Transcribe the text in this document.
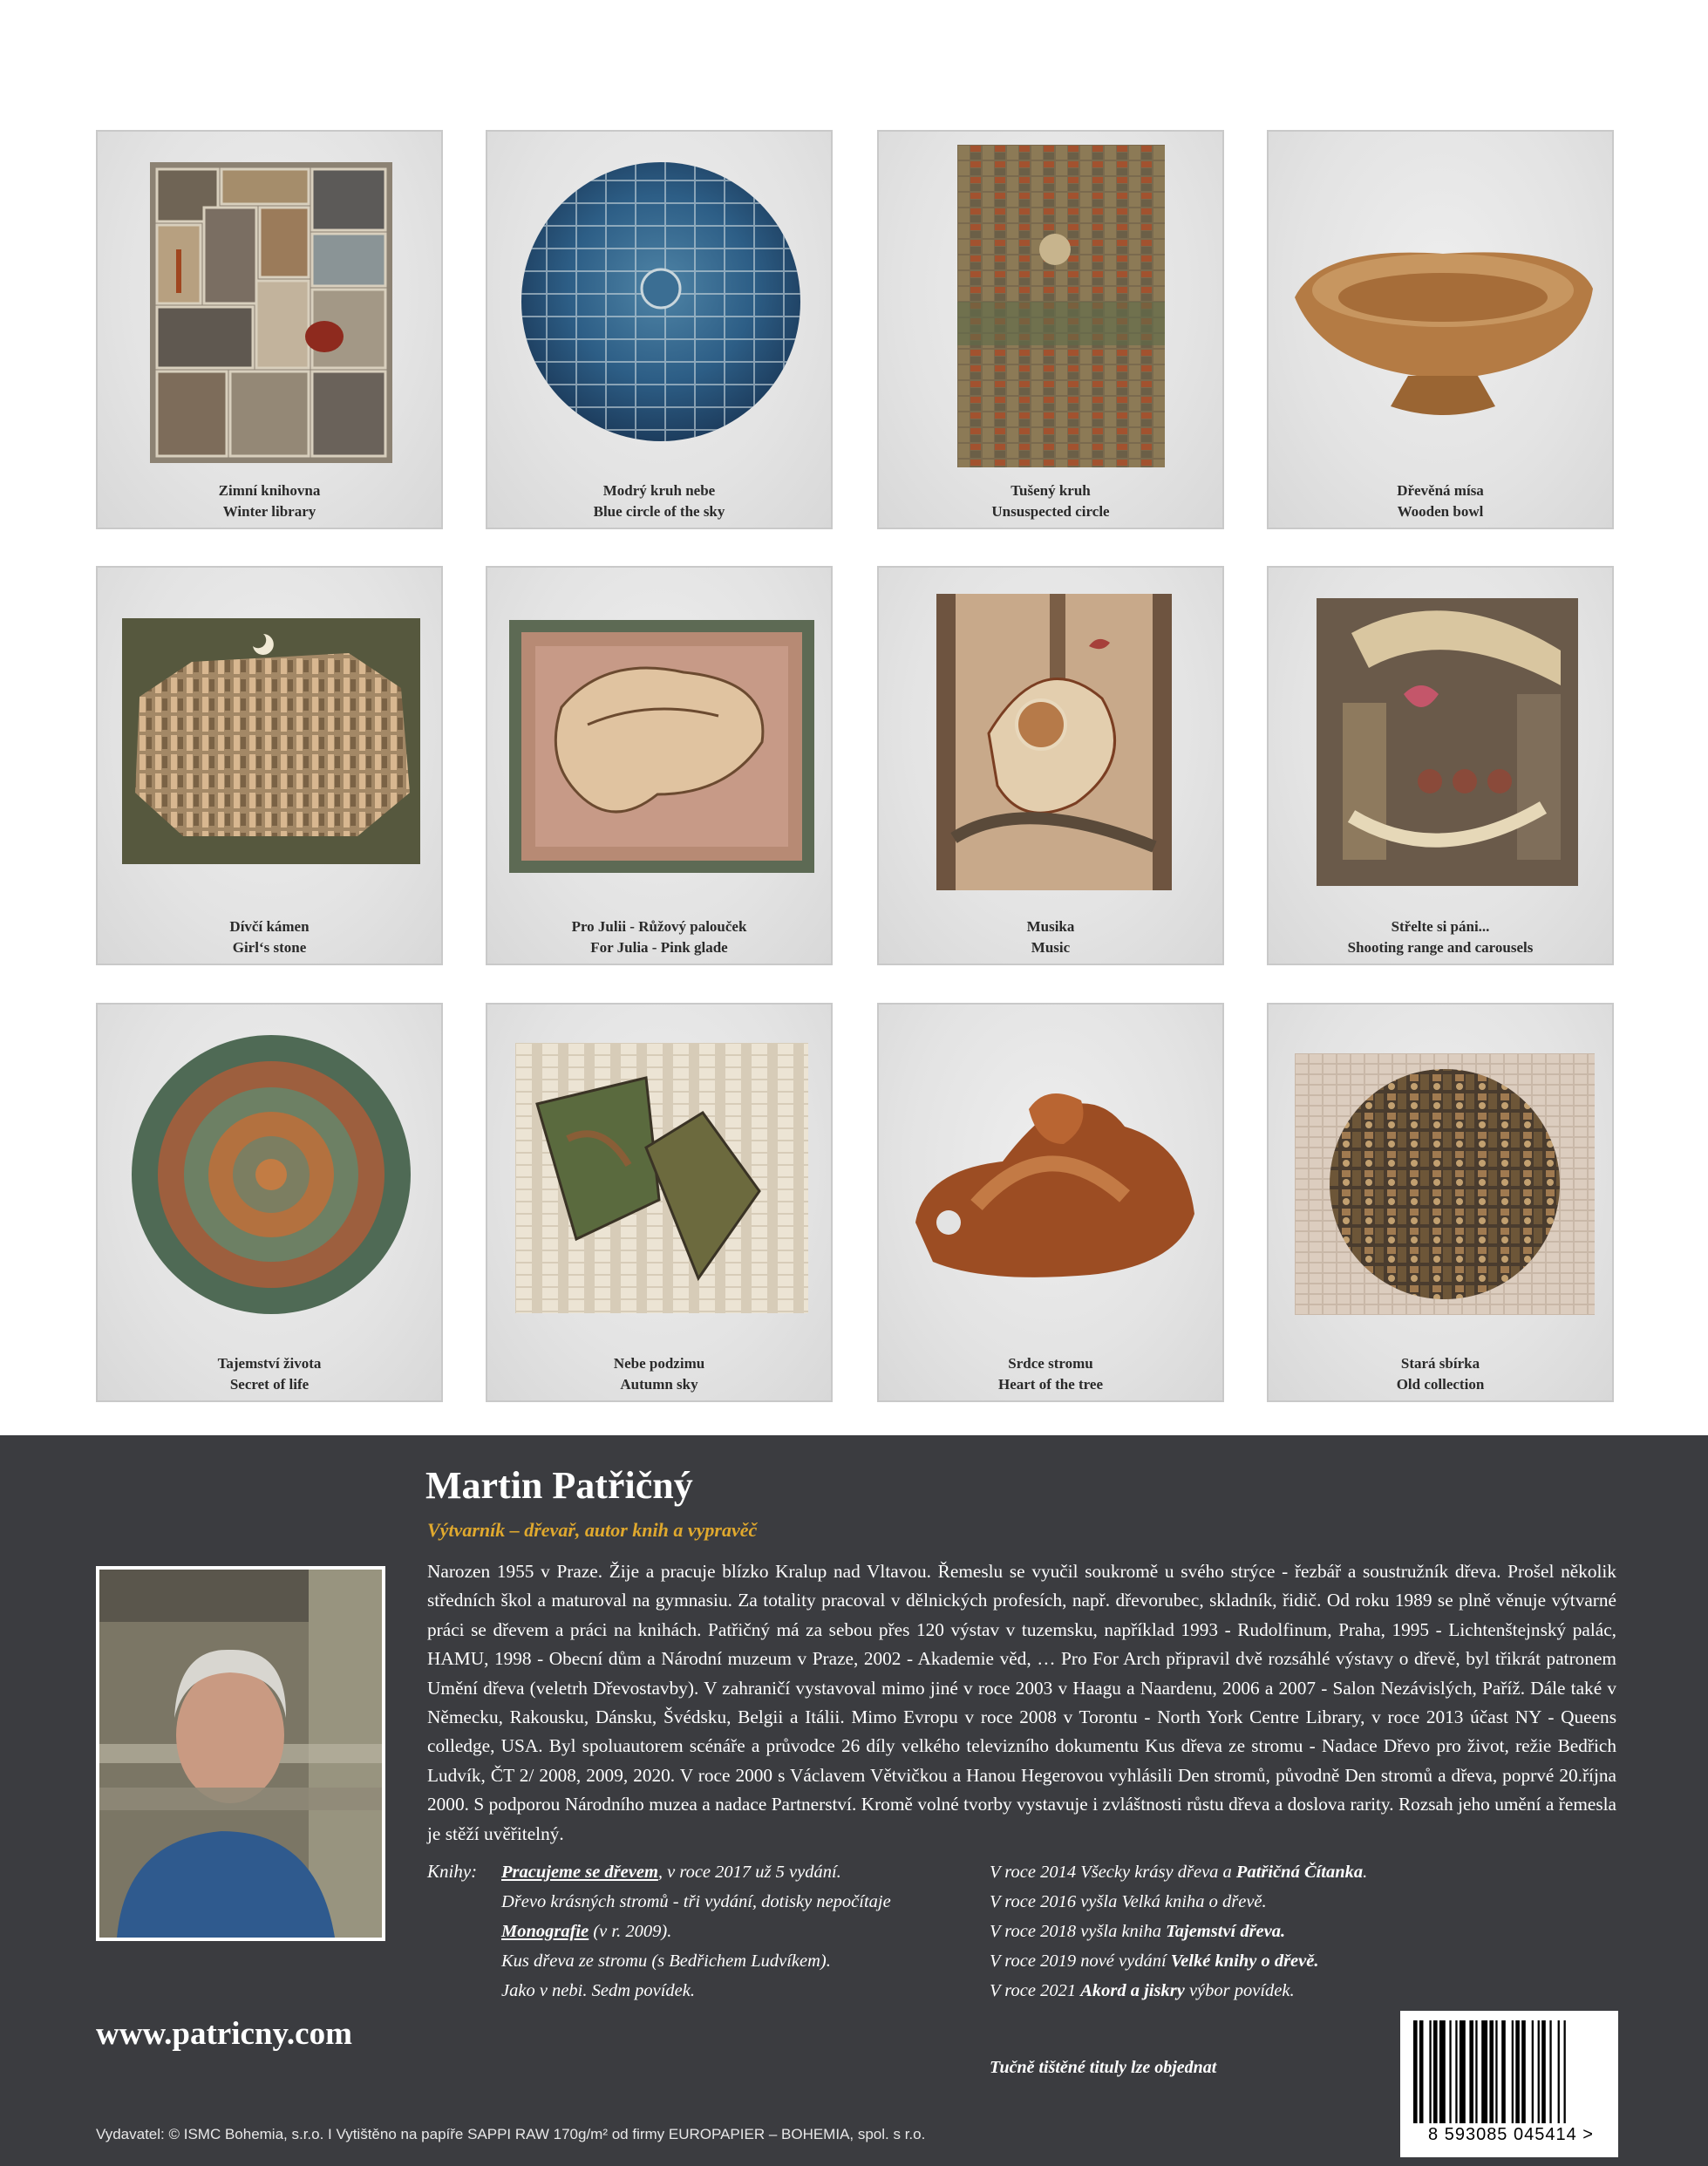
Zimní knihovna
Winter library
Modrý kruh nebe
Blue circle of the sky
Tušený kruh
Unsuspected circle
Dřevěná mísa
Wooden bowl
Dívčí kámen
Girl‘s stone
Pro Julii - Růžový palouček
For Julia - Pink glade
Musika
Music
Střelte si páni...
Shooting range and carousels
Tajemství života
Secret of life
Nebe podzimu
Autumn sky
Srdce stromu
Heart of the tree
Stará sbírka
Old collection
Martin Patřičný
Výtvarník – dřevař, autor knih a vypravěč

Narozen 1955 v Praze. Žije a pracuje blízko Kralup nad Vltavou. Řemeslu se vyučil soukromě u svého strýce - řezbář a soustružník dřeva. Prošel několik středních škol a maturoval na gymnasiu. Za totality pracoval v dělnických profesích, např. dřevorubec, skladník, řidič. Od roku 1989 se plně věnuje výtvarné práci se dřevem a práci na knihách. Patřičný má za sebou přes 120 výstav v tuzemsku, například 1993 - Rudolfinum, Praha, 1995 - Lichtenštejnský palác, HAMU, 1998 - Obecní dům a Národní muzeum v Praze, 2002 - Akademie věd, … Pro For Arch připravil dvě rozsáhlé výstavy o dřevě, byl třikrát patronem Umění dřeva (veletrh Dřevostavby). V zahraničí vystavoval mimo jiné v roce 2003 v Haagu a Naardenu, 2006 a 2007 - Salon Nezávislých, Paříž. Dále také v Německu, Rakousku, Dánsku, Švédsku, Belgii a Itálii. Mimo Evropu v roce 2008 v Torontu - North York Centre Library, v roce 2013 účast NY - Queens colledge, USA. Byl spoluautorem scénáře a průvodce 26 díly velkého televizního dokumentu Kus dřeva ze stromu - Nadace Dřevo pro život, režie Bedřich Ludvík, ČT 2/ 2008, 2009, 2020. V roce 2000 s Václavem Větvičkou a Hanou Hegerovou vyhlásili Den stromů, původně Den stromů a dřeva, poprvé 20.října 2000. S podporou Národního muzea a nadace Partnerství. Kromě volné tvorby vystavuje i zvláštnosti růstu dřeva a doslova rarity. Rozsah jeho umění a řemesla je stěží uvěřitelný.

Knihy: Pracujeme se dřevem, v roce 2017 už 5 vydání.
Dřevo krásných stromů - tři vydání, dotisky nepočítaje
Monografie (v r. 2009).
Kus dřeva ze stromu (s Bedřichem Ludvíkem).
Jako v nebi. Sedm povídek.
V roce 2014 Všecky krásy dřeva a Patřičná Čítanka.
V roce 2016 vyšla Velká kniha o dřevě.
V roce 2018 vyšla kniha Tajemství dřeva.
V roce 2019 nové vydání Velké knihy o dřevě.
V roce 2021 Akord a jiskry výbor povídek.
www.patricny.com
Tučně tištěné tituly lze objednat
Vydavatel: © ISMC Bohemia, s.r.o. I Vytištěno na papíře SAPPI RAW 170g/m² od firmy EUROPAPIER – BOHEMIA, spol. s r.o.	8 593085 045414 >
